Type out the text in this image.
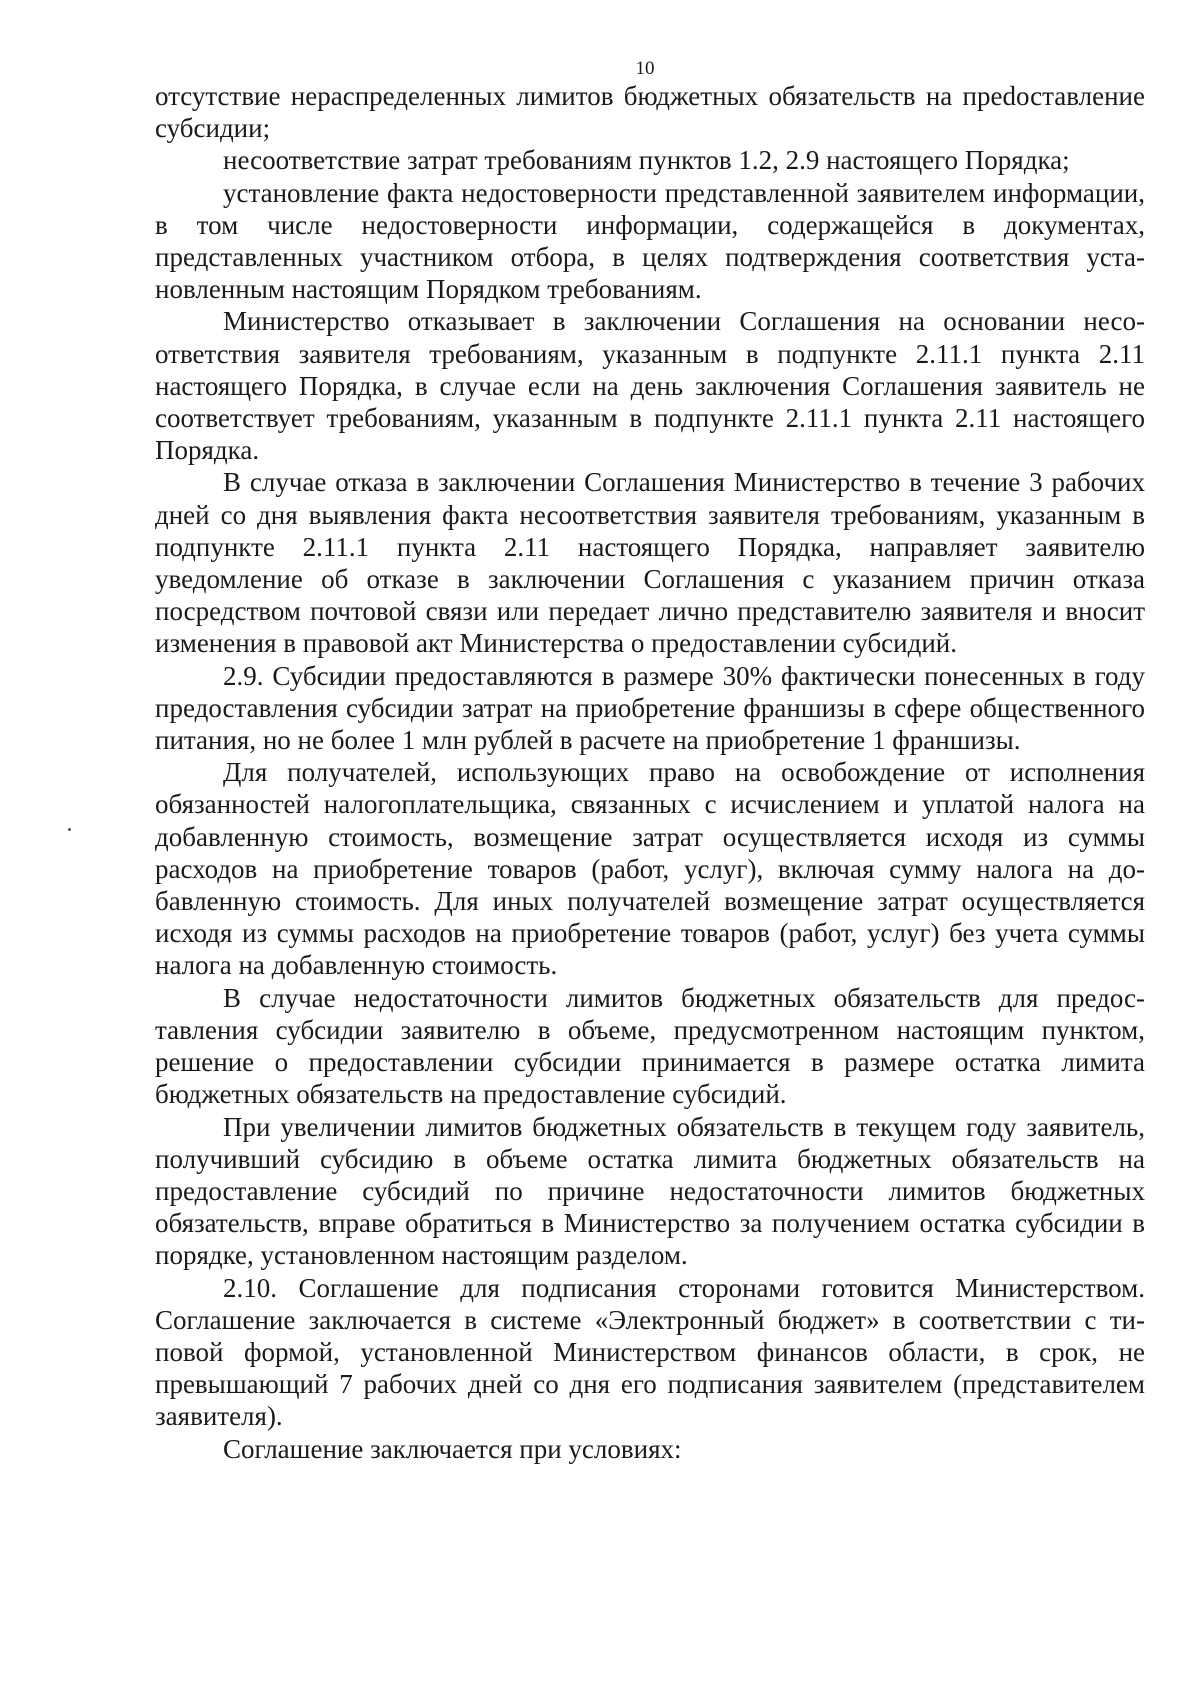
10

отсутствие нераспределенных лимитов бюджетных обязательств на преdоставление субсидии;

несоответствие затрат требованиям пунктов 1.2, 2.9 настоящего Порядка;

установление факта недостоверности представленной заявителем информации, в том числе недостоверности информации, содержащейся в документах, представленных участником отбора, в целях подтверждения соответствия установленным настоящим Порядком требованиям.

Министерство отказывает в заключении Соглашения на основании несоответствия заявителя требованиям, указанным в подпункте 2.11.1 пункта 2.11 настоящего Порядка, в случае если на день заключения Соглашения заявитель не соответствует требованиям, указанным в подпункте 2.11.1 пункта 2.11 настоящего Порядка.

В случае отказа в заключении Соглашения Министерство в течение 3 рабочих дней со дня выявления факта несоответствия заявителя требованиям, указанным в подпункте 2.11.1 пункта 2.11 настоящего Порядка, направляет заявителю уведомление об отказе в заключении Соглашения с указанием причин отказа посредством почтовой связи или передает лично представителю заявителя и вносит изменения в правовой акт Министерства о предоставлении субсидий.

2.9. Субсидии предоставляются в размере 30% фактически понесенных в году предоставления субсидии затрат на приобретение франшизы в сфере общественного питания, но не более 1 млн рублей в расчете на приобретение 1 франшизы.

Для получателей, использующих право на освобождение от исполнения обязанностей налогоплательщика, связанных с исчислением и уплатой налога на добавленную стоимость, возмещение затрат осуществляется исходя из суммы расходов на приобретение товаров (работ, услуг), включая сумму налога на добавленную стоимость. Для иных получателей возмещение затрат осуществляется исходя из суммы расходов на приобретение товаров (работ, услуг) без учета суммы налога на добавленную стоимость.

В случае недостаточности лимитов бюджетных обязательств для предоставления субсидии заявителю в объеме, предусмотренном настоящим пунктом, решение о предоставлении субсидии принимается в размере остатка лимита бюджетных обязательств на предоставление субсидий.

При увеличении лимитов бюджетных обязательств в текущем году заявитель, получивший субсидию в объеме остатка лимита бюджетных обязательств на предоставление субсидий по причине недостаточности лимитов бюджетных обязательств, вправе обратиться в Министерство за получением остатка субсидии в порядке, установленном настоящим разделом.

2.10. Соглашение для подписания сторонами готовится Министерством. Соглашение заключается в системе «Электронный бюджет» в соответствии с типовой формой, установленной Министерством финансов области, в срок, не превышающий 7 рабочих дней со дня его подписания заявителем (представителем заявителя).

Соглашение заключается при условиях:
